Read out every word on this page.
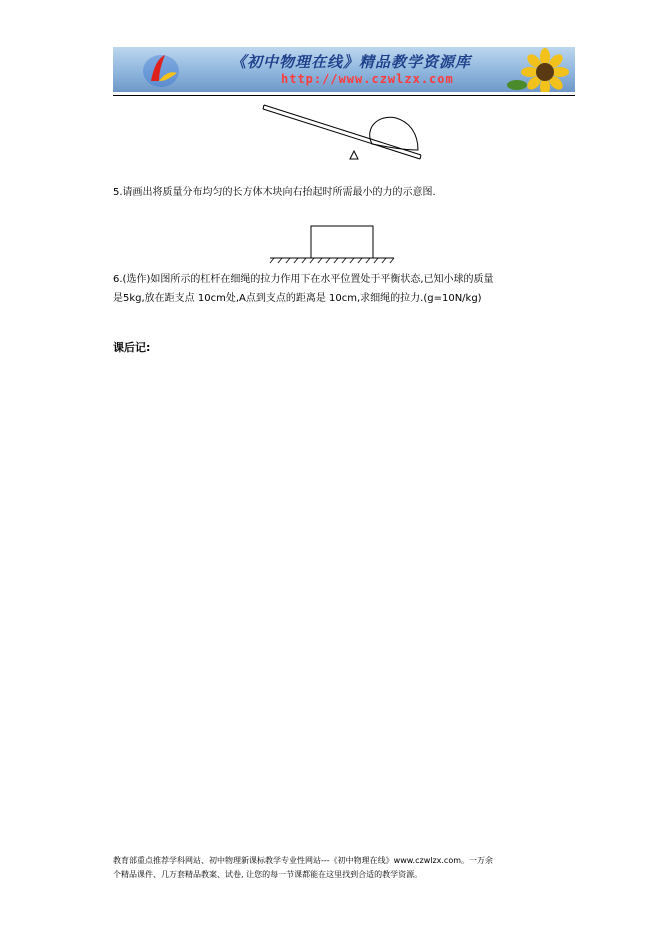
《初中物理在线》精品教学资源库
http://www.czwlzx.com
5.请画出将质量分布均匀的长方体木块向右抬起时所需最小的力的示意图.
6.(选作)如图所示的杠杆在细绳的拉力作用下在水平位置处于平衡状态,已知小球的质量
是5kg,放在距支点 10cm处,A点到支点的距离是 10cm,求细绳的拉力.(g=10N/kg)
课后记:
教育部重点推荐学科网站、初中物理新课标教学专业性网站---《初中物理在线》www.czwlzx.com。一万余
个精品课件、几万套精品教案、试卷, 让您的每一节课都能在这里找到合适的教学资源。
